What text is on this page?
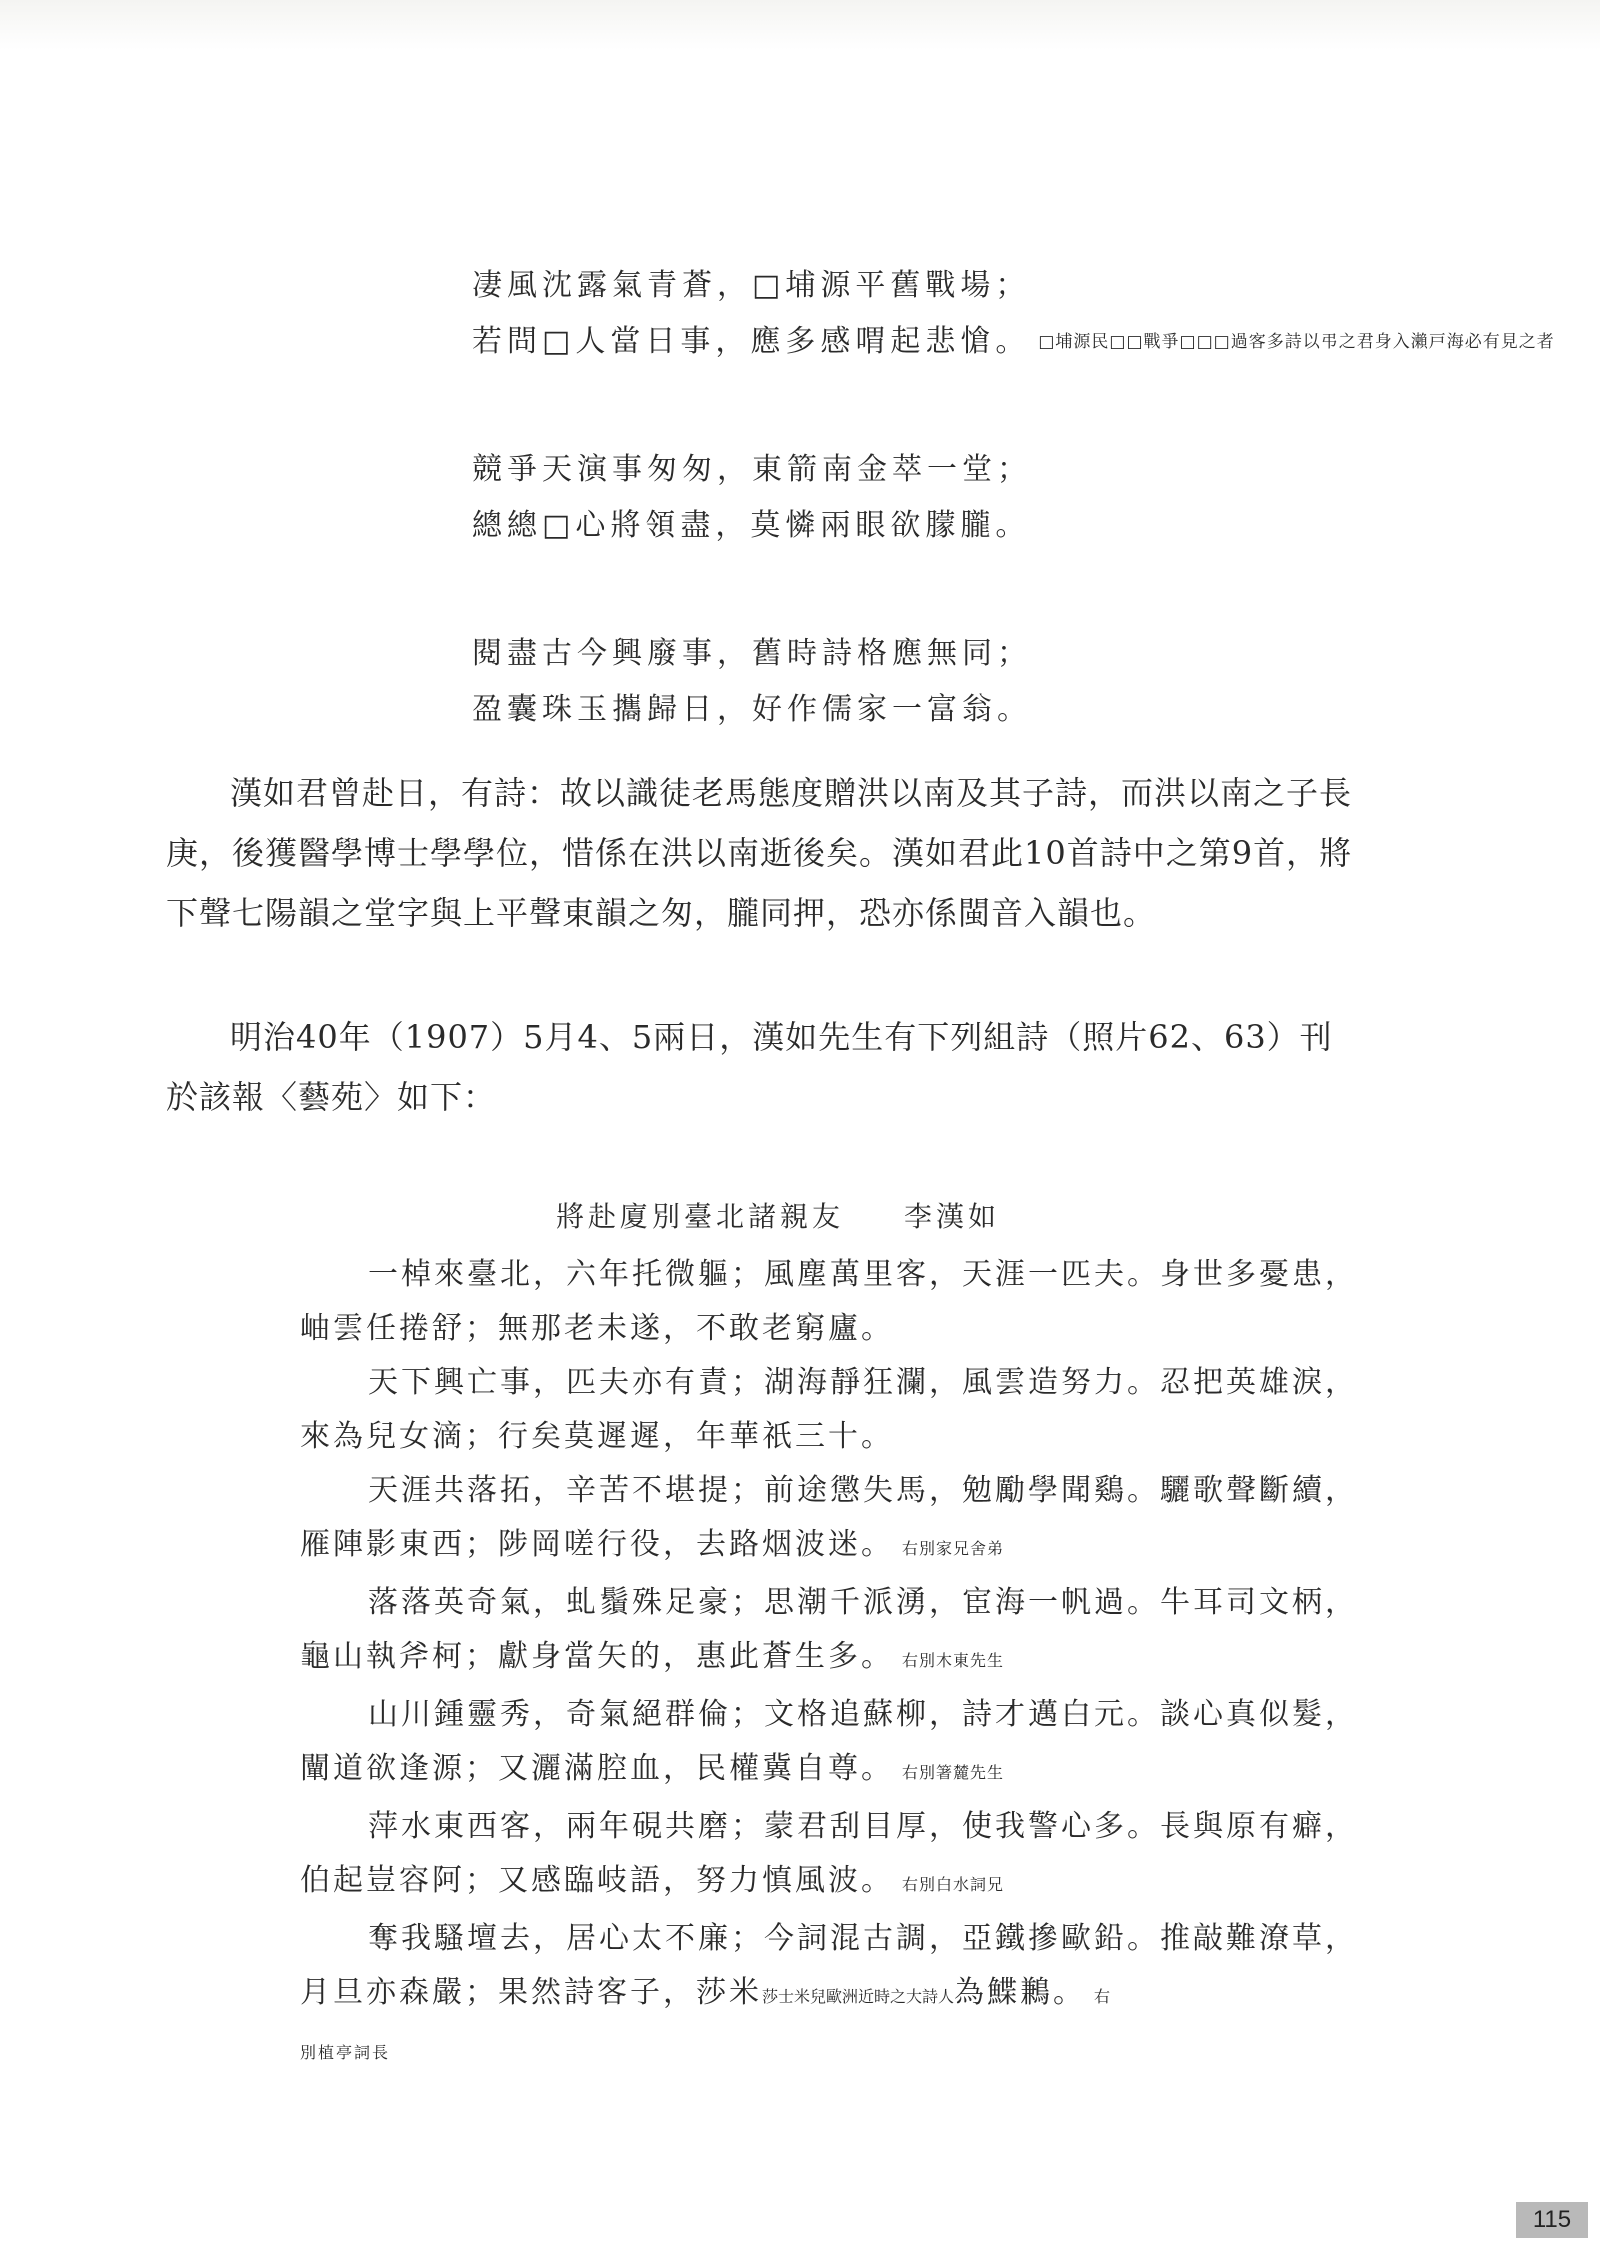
凄風沈露氣青蒼，□埔源平舊戰場；
若問□人當日事，應多感喟起悲愴。 □埔源民□□戰爭□□□過客多詩以弔之君身入瀨戸海必有見之者
競爭天演事匆匆，東箭南金萃一堂；
總總□心將領盡，莫憐兩眼欲朦朧。
閱盡古今興廢事，舊時詩格應無同；
盈囊珠玉攜歸日，好作儒家一富翁。

漢如君曾赴日，有詩：故以識徒老馬態度贈洪以南及其子詩，而洪以南之子長庚，後獲醫學博士學學位，惜係在洪以南逝後矣。漢如君此10首詩中之第9首，將下聲七陽韻之堂字與上平聲東韻之匆，朧同押，恐亦係閩音入韻也。

明治40年（1907）5月4、5兩日，漢如先生有下列組詩（照片62、63）刊於該報〈藝苑〉如下：

將赴廈別臺北諸親友 李漢如

一棹來臺北，六年托微軀；風塵萬里客，天涯一匹夫。身世多憂患，岫雲任捲舒；無那老未遂，不敢老窮廬。

天下興亡事，匹夫亦有責；湖海靜狂瀾，風雲造努力。忍把英雄淚，來為兒女滴；行矣莫遲遲，年華祇三十。

天涯共落拓，辛苦不堪提；前途懲失馬，勉勵學聞鷄。驪歌聲斷續，雁陣影東西；陟岡嗟行役，去路烟波迷。 右別家兄舍弟

落落英奇氣，虬鬚殊足豪；思潮千派湧，宦海一帆過。牛耳司文柄，龜山執斧柯；獻身當矢的，惠此蒼生多。 右別木東先生

山川鍾靈秀，奇氣絕群倫；文格追蘇柳，詩才邁白元。談心真似髮，闡道欲逢源；又灑滿腔血，民權冀自尊。 右別箸麓先生

萍水東西客，兩年硯共磨；蒙君刮目厚，使我警心多。長與原有癖，伯起豈容阿；又感臨岐語，努力慎風波。 右別白水詞兄

奪我騷壇去，居心太不廉；今詞混古調，亞鐵摻歐鉛。推敲難潦草，月旦亦森嚴；果然詩客子，莎米莎士米兒歐洲近時之大詩人為鰈鶼。 右

別植亭詞長
115
